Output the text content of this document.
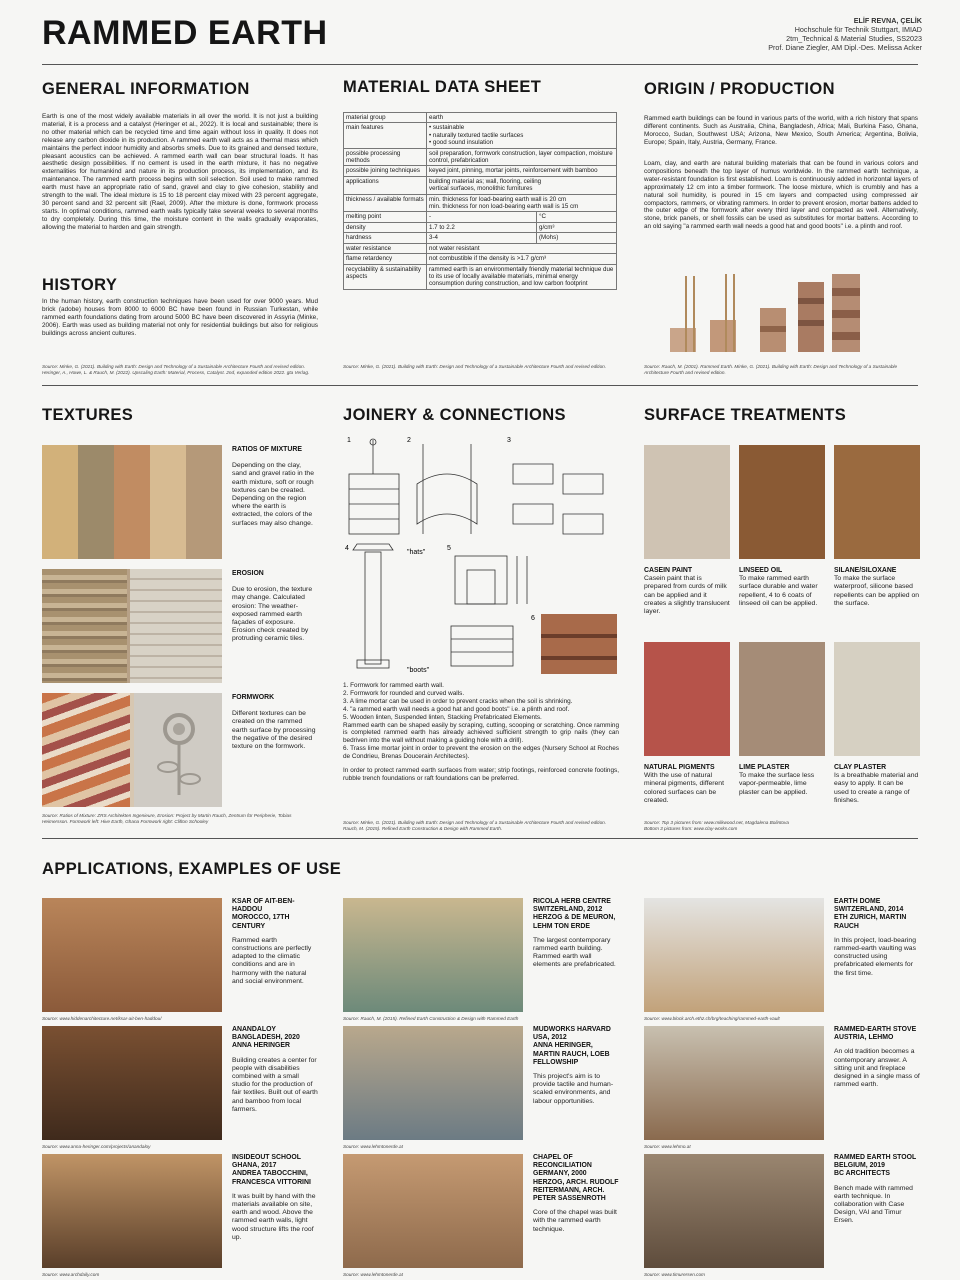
RAMMED EARTH	ELİF REVNA, ÇELİK
Hochschule für Technik Stuttgart, IMIAD
2tm_Technical & Material Studies, SS2023
Prof. Diane Ziegler, AM Dipl.-Des. Melissa Acker
GENERAL INFORMATION
Earth is one of the most widely available materials in all over the world. It is not just a building material, it is a process and a catalyst (Heringer et al., 2022). It is local and sustainable; there is no other material which can be recycled time and time again without loss in quality. It does not release any carbon dioxide in its production. A rammed earth wall acts as a thermal mass which maintains the perfect indoor humidity and absorbs smells. Due to its grained and densed texture, pleasant acoustics can be achieved. A rammed earth wall can bear structural loads. It has aesthetic design possibilities. If no cement is used in the earth mixture, it has no negative externalities for humankind and nature in its production process, its implementation, and its maintenance. The rammed earth process begins with soil selection. Soil used to make rammed earth must have an appropriate ratio of sand, gravel and clay to give cohesion, stability and strength to the wall. The ideal mixture is 15 to 18 percent clay mixed with 23 percent aggregate, 30 percent sand and 32 percent silt (Rael, 2009). After the mixture is done, formwork process starts. In optimal conditions, rammed earth walls typically take several weeks to several months to dry completely. During this time, the moisture content in the walls gradually evaporates, allowing the material to harden and gain strength.
HISTORY
In the human history, earth construction techniques have been used for over 9000 years. Mud brick (adobe) houses from 8000 to 6000 BC have been found in Russian Turkestan, while rammed earth foundations dating from around 5000 BC have been discovered in Assyria (Minke, 2006). Earth was used as building material not only for residential buildings but also for religious buildings across ancient cultures.
Source: Minke, G. (2021). Building with Earth: Design and Technology of a Sustainable Architecture Fourth and revised edition. Heringer, A., Howe, L. & Rauch, M. (2022). Upscaling Earth: Material, Process, Catalyst. 2nd, expanded edition 2022. gta Verlag.
MATERIAL DATA SHEET
material group	earth	
main features	• sustainable
• naturally textured tactile surfaces
• good sound insulation	
possible processing methods	soil preparation, formwork construction, layer compaction, moisture control, prefabrication	
possible joining techniques	keyed joint, pinning, mortar joints, reinforcement with bamboo	
applications	building material as; wall, flooring, ceiling
vertical surfaces, monolithic furnitures	
thickness / available formats	min. thickness for load-bearing earth wall is 20 cm
min. thickness for non load-bearing earth wall is 15 cm	
melting point	-	°C
density	1.7 to 2.2	g/cm³
hardness	3-4	(Mohs)
water resistance	not water resistant	
flame retardency	not combustible if the density is >1.7 g/cm³	
recyclability & sustainability aspects	rammed earth is an environmentally friendly material technique due to its use of locally available materials, minimal energy consumption during construction, and low carbon footprint	
Source: Minke, G. (2021). Building with Earth: Design and Technology of a Sustainable Architecture Fourth and revised edition.
ORIGIN / PRODUCTION
Rammed earth buildings can be found in various parts of the world, with a rich history that spans different continents. Such as Australia, China, Bangladesh, Africa; Mali, Burkina Faso, Ghana, Morocco, Sudan, Southwest USA; Arizona, New Mexico, South America; Argentina, Bolivia, Europe; Spain, Italy, Austria, Germany, France.
Loam, clay, and earth are natural building materials that can be found in various colors and compositions beneath the top layer of humus worldwide. In the rammed earth technique, a water-resistant foundation is first established. Loam is continuously added in horizontal layers of approximately 12 cm into a timber formwork. The loose mixture, which is crumbly and has a natural soil humidity, is poured in 15 cm layers and compacted using compressed air compactors, rammers, or vibrating rammers. In order to prevent erosion, mortar battens added to the outer edge of the formwork after every third layer and compacted as well. Alternatively, stone, brick panels, or shell fossils can be used as substitutes for mortar battens. According to an old saying "a rammed earth wall needs a good hat and good boots" i.e. a plinth and roof.
Source: Rauch, M. (2001). Rammed Earth. Minke, G. (2021). Building with Earth: Design and Technology of a Sustainable Architecture Fourth and revised edition.
TEXTURES
RATIOS OF MIXTURE
Depending on the clay, sand and gravel ratio in the earth mixture, soft or rough textures can be created. Depending on the region where the earth is extracted, the colors of the surfaces may also change.
EROSION
Due to erosion, the texture may change. Calculated erosion: The weather-exposed rammed earth façades of exposure. Erosion check created by protruding ceramic tiles.
FORMWORK
Different textures can be created on the rammed earth surface by processing the negative of the desired texture on the formwork.
Source: Ratios of Mixture: ZRS Architekten Ingenieure, Erosion: Project by Martin Rauch, Zentrum für Peripherie, Tobias Heimersson. Formwork left: Hive Earth, Ghana Formwork right: Clifton Schooley
JOINERY & CONNECTIONS
1	2	3
4	5
6
"hats"
"boots"
1. Formwork for rammed earth wall.
2. Formwork for rounded and curved walls.
3. A lime mortar can be used in order to prevent cracks when the soil is shrinking.
4. "a rammed earth wall needs a good hat and good boots" i.e. a plinth and roof.
5. Wooden linten, Suspended linten, Stacking Prefabricated Elements.
Rammed earth can be shaped easily by scraping, cutting, scooping or scratching. Once ramming is completed rammed earth has already achieved sufficient strength to grip nails (they can bedriven into the wall without making a guiding hole with a drill).
6. Trass lime mortar joint in order to prevent the erosion on the edges (Nursery School at Roches de Condrieu, Brenas Doucerain Architectes).
In order to protect rammed earth surfaces from water; strip footings, reinforced concrete footings, rubble trench foundations or raft foundations can be preferred.
Source: Minke, G. (2021). Building with Earth: Design and Technology of a Sustainable Architecture Fourth and revised edition. Rauch, M. (2015). Refined Earth Construction & Design with Rammed Earth.
SURFACE TREATMENTS
CASEIN PAINT
Casein paint that is prepared from curds of milk can be applied and it creates a slightly translucent layer.
LINSEED OIL
To make rammed earth surface durable and water repellent, 4 to 6 coats of linseed oil can be applied.
SILANE/SILOXANE
To make the surface waterproof, silicone based repellents can be applied on the surface.
NATURAL PIGMENTS
With the use of natural mineral pigments, different colored surfaces can be created.
LIME PLASTER
To make the surface less vapor-permeable, lime plaster can be applied.
CLAY PLASTER
Is a breathable material and easy to apply. It can be used to create a range of finishes.
Source: Top 3 pictures from: www.milkwood.net, Magdalena Bolintova
Bottom 3 pictures from: www.clay-works.com
APPLICATIONS, EXAMPLES OF USE
KSAR OF AIT-BEN-HADDOU
MOROCCO, 17TH CENTURY
Rammed earth constructions are perfectly adapted to the climatic conditions and are in harmony with the natural and social environment.
Source: www.hiddenarchitecture.net/ksar-ait-ben-haddou/
RICOLA HERB CENTRE
SWITZERLAND, 2012
HERZOG & DE MEURON, LEHM TON ERDE
The largest contemporary rammed earth building. Rammed earth wall elements are prefabricated.
Source: Rauch, M. (2015). Refined Earth Construction & Design with Rammed Earth
EARTH DOME
SWITZERLAND, 2014
ETH ZURICH, MARTIN RAUCH
In this project, load-bearing rammed-earth vaulting was constructed using prefabricated elements for the first time.
Source: www.block.arch.ethz.ch/brg/teaching/rammed-earth-vault
ANANDALOY
BANGLADESH, 2020
ANNA HERINGER
Building creates a center for people with disabilities combined with a small studio for the production of fair textiles. Built out of earth and bamboo from local farmers.
Source: www.anna-heringer.com/projects/anandaloy
MUDWORKS HARVARD
USA, 2012
ANNA HERINGER, MARTIN RAUCH, LOEB FELLOWSHIP
This project's aim is to provide tactile and human-scaled environments, and labour opportunities.
Source: www.lehmtonerde.at
RAMMED-EARTH STOVE
AUSTRIA, LEHMO
An old tradition becomes a contemporary answer. A sitting unit and fireplace designed in a single mass of rammed earth.
Source: www.lehmo.at
INSIDEOUT SCHOOL
GHANA, 2017
ANDREA TABOCCHINI, FRANCESCA VITTORINI
It was built by hand with the materials available on site, earth and wood. Above the rammed earth walls, light wood structure lifts the roof up.
Source: www.archdaily.com
CHAPEL OF RECONCILIATION
GERMANY, 2000
HERZOG, ARCH. RUDOLF REITERMANN, ARCH. PETER SASSENROTH
Core of the chapel was built with the rammed earth technique.
Source: www.lehmtonerde.at
RAMMED EARTH STOOL
BELGIUM, 2019
BC ARCHITECTS
Bench made with rammed earth technique. In collaboration with Case Design, VAI and Timur Ersen.
Source: www.timurersen.com
